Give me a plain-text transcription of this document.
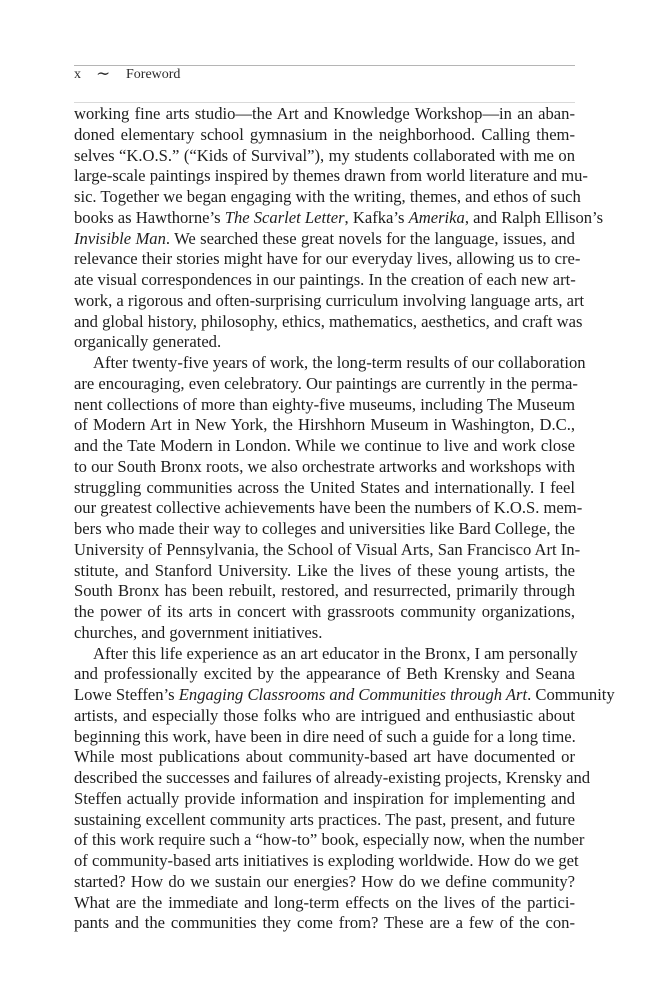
x ∼ Foreword
working fine arts studio—the Art and Knowledge Workshop—in an aban-
doned elementary school gymnasium in the neighborhood. Calling them-
selves “K.O.S.” (“Kids of Survival”), my students collaborated with me on
large-scale paintings inspired by themes drawn from world literature and mu-
sic. Together we began engaging with the writing, themes, and ethos of such
books as Hawthorne’s The Scarlet Letter, Kafka’s Amerika, and Ralph Ellison’s
Invisible Man. We searched these great novels for the language, issues, and
relevance their stories might have for our everyday lives, allowing us to cre-
ate visual correspondences in our paintings. In the creation of each new art-
work, a rigorous and often-surprising curriculum involving language arts, art
and global history, philosophy, ethics, mathematics, aesthetics, and craft was
organically generated.
After twenty-five years of work, the long-term results of our collaboration
are encouraging, even celebratory. Our paintings are currently in the perma-
nent collections of more than eighty-five museums, including The Museum
of Modern Art in New York, the Hirshhorn Museum in Washington, D.C.,
and the Tate Modern in London. While we continue to live and work close
to our South Bronx roots, we also orchestrate artworks and workshops with
struggling communities across the United States and internationally. I feel
our greatest collective achievements have been the numbers of K.O.S. mem-
bers who made their way to colleges and universities like Bard College, the
University of Pennsylvania, the School of Visual Arts, San Francisco Art In-
stitute, and Stanford University. Like the lives of these young artists, the
South Bronx has been rebuilt, restored, and resurrected, primarily through
the power of its arts in concert with grassroots community organizations,
churches, and government initiatives.
After this life experience as an art educator in the Bronx, I am personally
and professionally excited by the appearance of Beth Krensky and Seana
Lowe Steffen’s Engaging Classrooms and Communities through Art. Community
artists, and especially those folks who are intrigued and enthusiastic about
beginning this work, have been in dire need of such a guide for a long time.
While most publications about community-based art have documented or
described the successes and failures of already-existing projects, Krensky and
Steffen actually provide information and inspiration for implementing and
sustaining excellent community arts practices. The past, present, and future
of this work require such a “how-to” book, especially now, when the number
of community-based arts initiatives is exploding worldwide. How do we get
started? How do we sustain our energies? How do we define community?
What are the immediate and long-term effects on the lives of the partici-
pants and the communities they come from? These are a few of the con-
